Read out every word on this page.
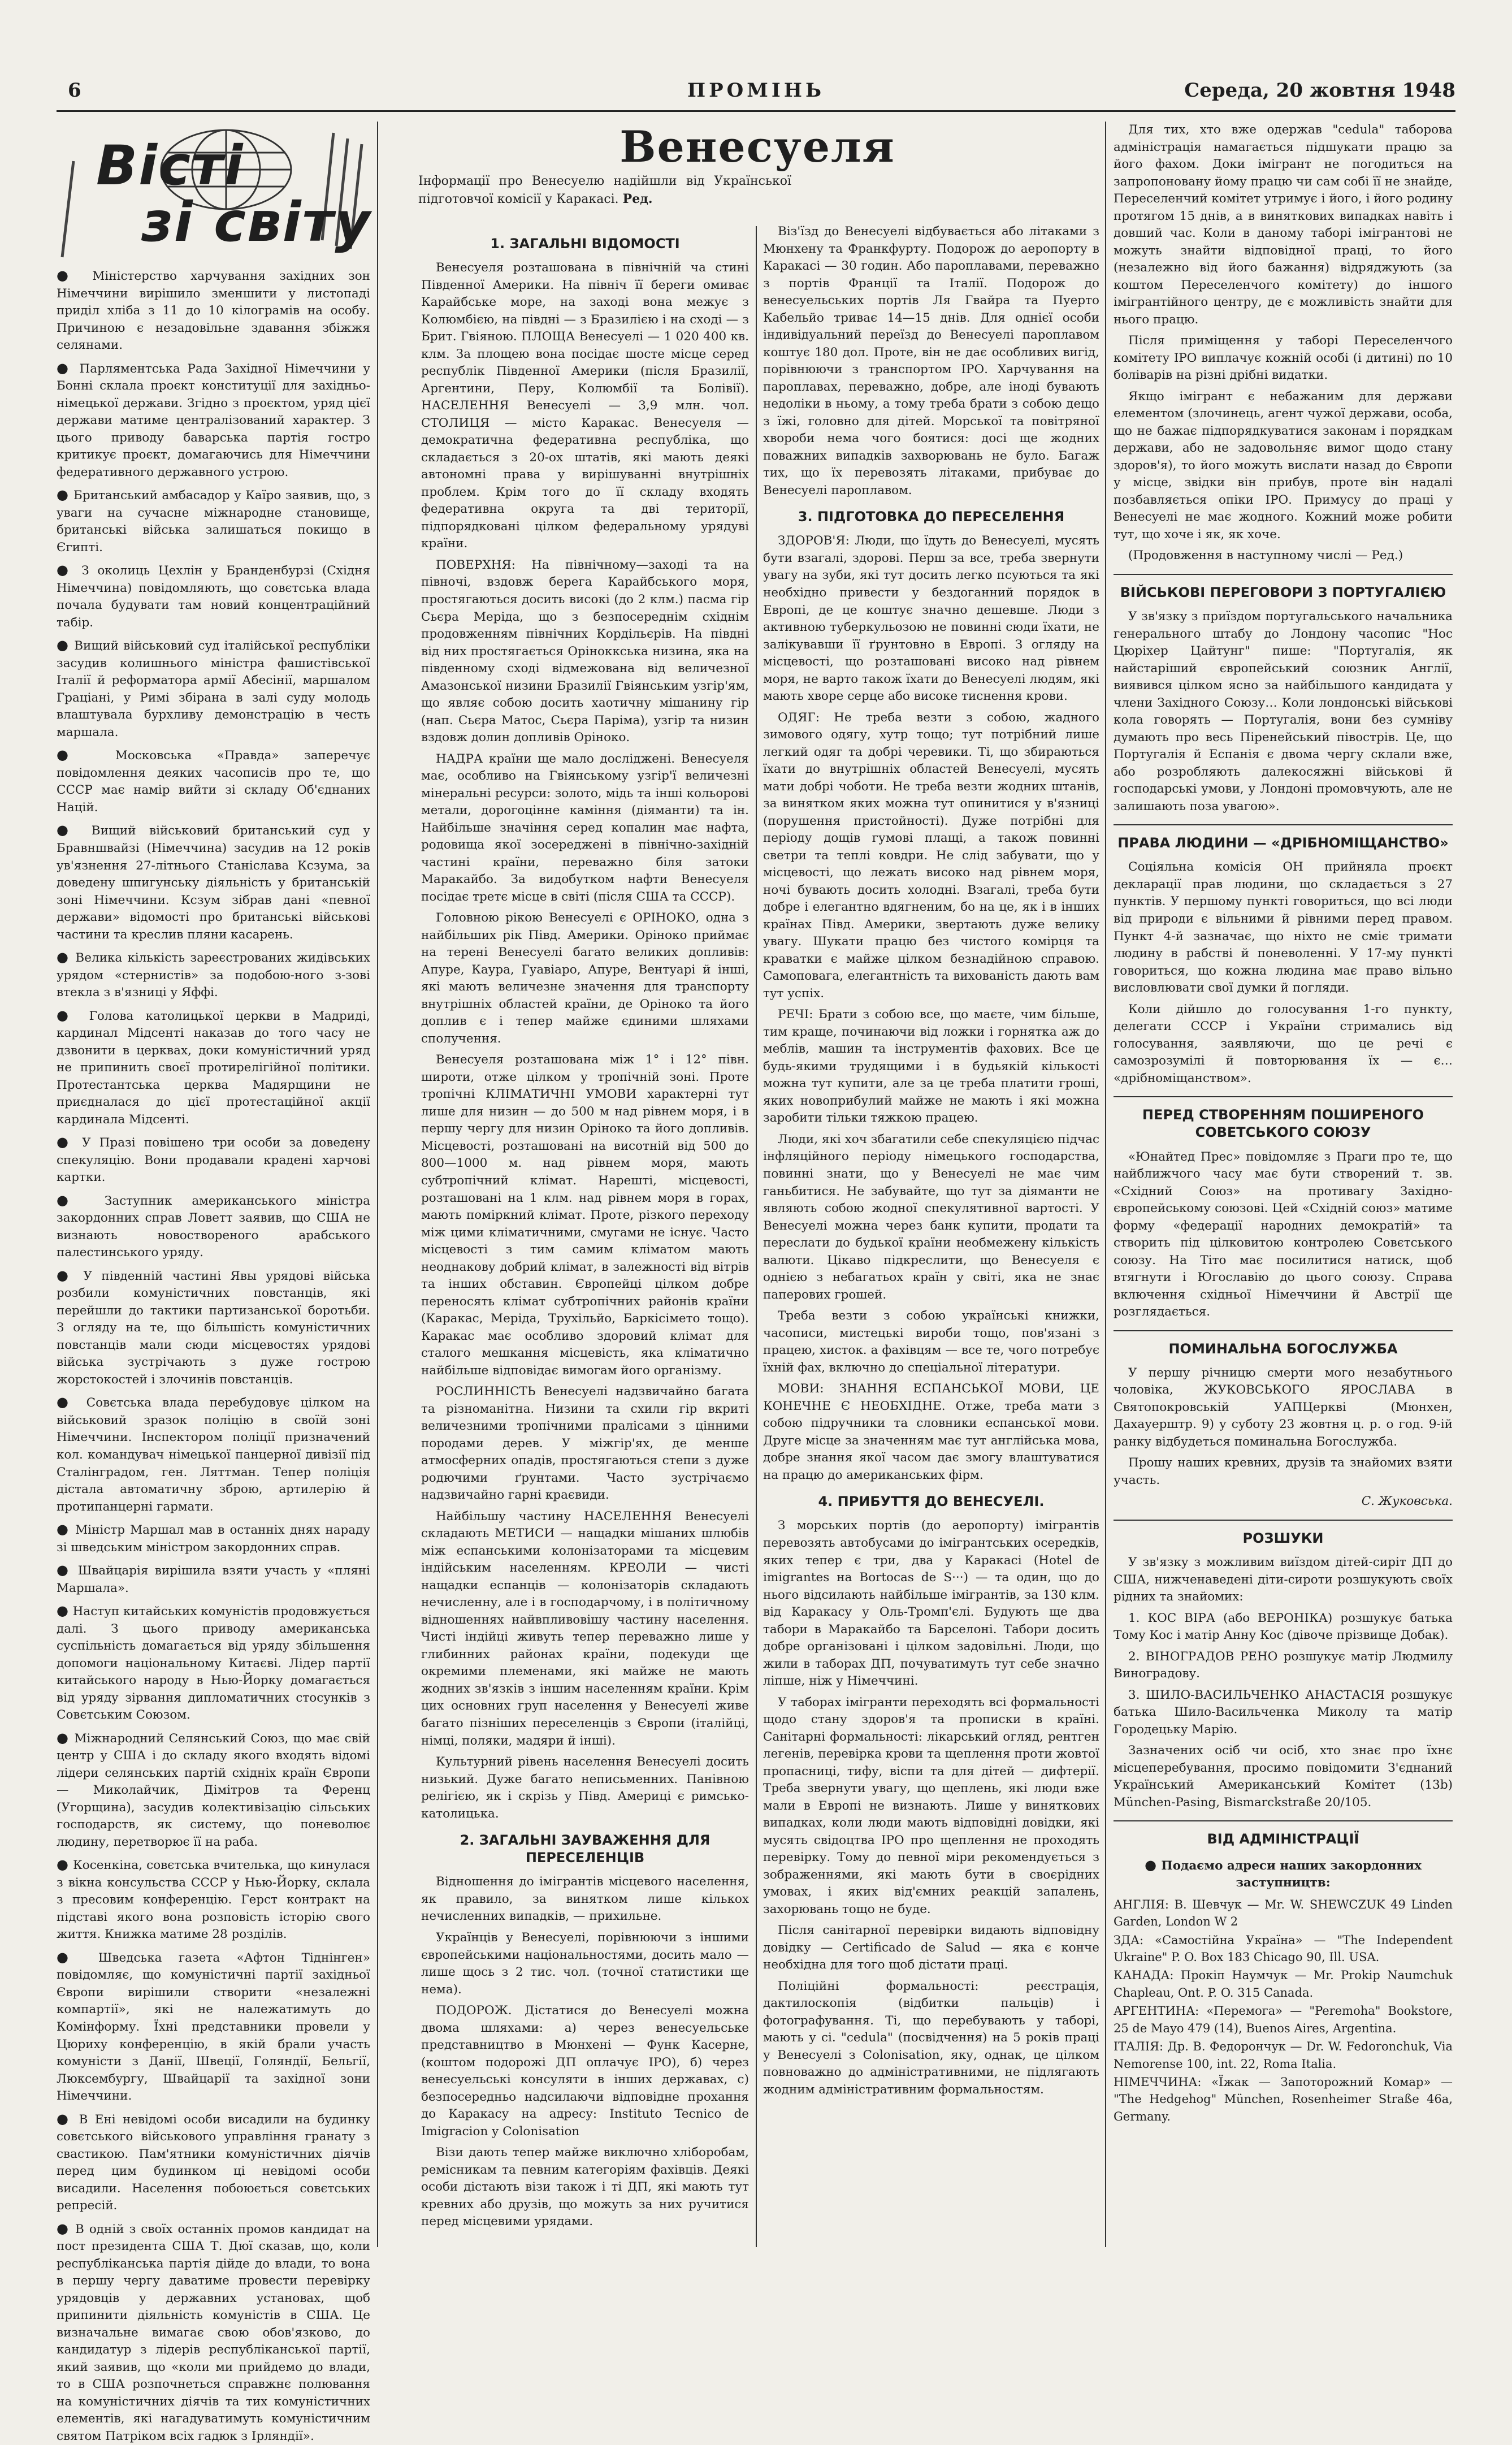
6	ПРОМІНЬ	Середа, 20 жовтня 1948
Вісті
зі світу
Венесуеля
Інформації про Венесуелю надійшли від Української підготовчої комісії у Каракасі. Ред.

● Міністерство харчування західних зон Німеччини вирішило зменшити у листопаді приділ хліба з 11 до 10 кілограмів на особу. Причиною є незадовільне здавання збіжжя селянами.

● Парляментська Рада Західної Німеччини у Бонні склала проєкт конституції для західньо-німецької держави. Згідно з проєктом, уряд цієї держави матиме централізований характер. З цього приводу баварська партія гостро критикує проєкт, домагаючись для Німеччини федеративного державного устрою.

● Британський амбасадор у Каїро заявив, що, з уваги на сучасне міжнародне становище, британські війська залишаться покищо в Єгипті.

● З околиць Цехлін у Бранденбурзі (Східня Німеччина) повідомляють, що совєтська влада почала будувати там новий концентраційний табір.

● Вищий військовий суд італійської республіки засудив колишнього міністра фашистівської Італії й реформатора армії Абесінії, маршалом Граціані, у Римі збірана в залі суду молодь влаштувала бурхливу демонстрацію в честь маршала.

● Московська «Правда» заперечує повідомлення деяких часописів про те, що СССР має намір вийти зі складу Об'єднаних Націй.

● Вищий військовий британський суд у Бравншвайзі (Німеччина) засудив на 12 років ув'язнення 27-літнього Станіслава Ксзума, за доведену шпигунську діяльність у британській зоні Німеччини. Ксзум зібрав дані «певної держави» відомості про британські військові частини та креслив пляни касарень.

● Велика кількість зареєстрованих жидівських урядом «стернистів» за подобою-ного з-зові втекла з в'язниці у Яффі.

● Голова католицької церкви в Мадриді, кардинал Мідсенті наказав до того часу не дзвонити в церквах, доки комуністичний уряд не припинить своєї протирелігійної політики. Протестантська церква Мадярщини не приєдналася до цієї протестаційної акції кардинала Мідсенті.

● У Празі повішено три особи за доведену спекуляцію. Вони продавали крадені харчові картки.

● Заступник американського міністра закордонних справ Ловетт заявив, що США не визнають новоствореного арабського палестинського уряду.

● У південній частині Явы урядові війська розбили комуністичних повстанців, які перейшли до тактики партизанської боротьби. З огляду на те, що більшість комуністичних повстанців мали сюди місцевостях урядові війська зустрічають з дуже гострою жорстокостей і злочинів повстанців.

● Совєтська влада перебудовує цілком на військовий зразок поліцію в своїй зоні Німеччини. Інспектором поліції призначений кол. командувач німецької панцерної дивізії під Сталінградом, ген. Ляттман. Тепер поліція дістала автоматичну зброю, артилерію й протипанцерні гармати.

● Міністр Маршал мав в останніх днях нараду зі шведським міністром закордонних справ.

● Швайцарія вирішила взяти участь у «пляні Маршала».

● Наступ китайських комуністів продовжується далі. З цього приводу американська суспільність домагається від уряду збільшення допомоги національному Китаєві. Лідер партії китайського народу в Нью-Йорку домагається від уряду зірвання дипломатичних стосунків з Совєтським Союзом.

● Міжнародний Селянський Союз, що має свій центр у США і до складу якого входять відомі лідери селянських партій східніх країн Європи — Миколайчик, Дімітров та Ференц (Угорщина), засудив колективізацію сільських господарств, як систему, що поневолює людину, перетворює її на раба.

● Косенкіна, совєтська вчителька, що кинулася з вікна консульства СССР у Нью-Йорку, склала з пресовим конференцію. Герст контракт на підставі якого вона розповість історію свого життя. Книжка матиме 28 розділів.

● Шведська газета «Афтон Тіднінген» повідомляє, що комуністичні партії західньої Європи вирішили створити «незалежні компартії», які не належатимуть до Комінформу. Їхні представники провели у Цюриху конференцію, в якій брали участь комуністи з Данії, Швеції, Голяндії, Бельгії, Люксембургу, Швайцарії та західної зони Німеччини.

● В Ені невідомі особи висадили на будинку совєтського військового управління гранату з свастикою. Пам'ятники комуністичних діячів перед цим будинком ці невідомі особи висадили. Населення побоюється совєтських репресій.

● В одній з своїх останніх промов кандидат на пост президента США Т. Дюї сказав, що, коли республіканська партія дійде до влади, то вона в першу чергу даватиме провести перевірку урядовців у державних установах, щоб припинити діяльність комуністів в США. Це визначальне вимагає свою обов'язково, до кандидатур з лідерів республіканської партії, який заявив, що «коли ми прийдемо до влади, то в США розпочнеться справжнє полювання на комуністичних діячів та тих комуністичних елементів, які нагадуватимуть комуністичним святом Патріком всіх гадюк з Ірляндії».

1. ЗАГАЛЬНІ ВІДОМОСТІ

Венесуеля розташована в північній ча стині Південної Америки. На північ її береги омиває Карайбське море, на заході вона межує з Колюмбією, на півдні — з Бразилією і на сході — з Брит. Гвіяною. ПЛОЩА Венесуелі — 1 020 400 кв. клм. За площею вона посідає шосте місце серед республік Південної Америки (після Бразилії, Аргентини, Перу, Колюмбії та Болівії). НАСЕЛЕННЯ Венесуелі — 3,9 млн. чол. СТОЛИЦЯ — місто Каракас. Венесуеля — демократична федеративна республіка, що складається з 20-ох штатів, які мають деякі автономні права у вирішуванні внутрішніх проблем. Крім того до її складу входять федеративна округа та дві території, підпорядковані цілком федеральному урядуві країни.

ПОВЕРХНЯ: На північному—заході та на півночі, вздовж берега Карайбського моря, простягаються досить високі (до 2 клм.) пасма гір Сьєра Меріда, що з безпосереднім східнім продовженням північних Кордільєрів. На півдні від них простягається Оріноккська низина, яка на південному сході відмежована від величезної Амазонської низини Бразилії Гвіянським узгір'ям, що являє собою досить хаотичну мішанину гір (нап. Сьєра Матос, Сьєра Паріма), узгір та низин вздовж долин допливів Оріноко.

НАДРА країни ще мало досліджені. Венесуеля має, особливо на Гвіянському узгір'ї величезні мінеральні ресурси: золото, мідь та інші кольорові метали, дорогоцінне каміння (діяманти) та ін. Найбільше значіння серед копалин має нафта, родовища якої зосереджені в північно-західній частині країни, переважно біля затоки Маракайбо. За видобутком нафти Венесуеля посідає третє місце в світі (після США та СССР).

Головною рікою Венесуелі є ОРІНОКО, одна з найбільших рік Півд. Америки. Оріноко приймає на терені Венесуелі багато великих допливів: Апуре, Каура, Гуавіаро, Апуре, Вентуарі й інші, які мають величезне значення для транспорту внутрішніх областей країни, де Оріноко та його доплив є і тепер майже єдиними шляхами сполучення.

Венесуеля розташована між 1° і 12° півн. широти, отже цілком у тропічній зоні. Проте тропічні КЛІМАТИЧНІ УМОВИ характерні тут лише для низин — до 500 м над рівнем моря, і в першу чергу для низин Оріноко та його допливів. Місцевості, розташовані на висотній від 500 до 800—1000 м. над рівнем моря, мають субтропічний клімат. Нарешті, місцевості, розташовані на 1 клм. над рівнем моря в горах, мають поміркний клімат. Проте, різкого переходу між цими кліматичними, смугами не існує. Часто місцевості з тим самим кліматом мають неоднакову добрий клімат, в залежності від вітрів та інших обставин. Європейці цілком добре переносять клімат субтропічних районів країни (Каракас, Меріда, Трухільйо, Баркісімето тощо). Каракас має особливо здоровий клімат для сталого мешкання місцевість, яка кліматично найбільше відповідає вимогам його організму.

РОСЛИННІСТЬ Венесуелі надзвичайно багата та різноманітна. Низини та схили гір вкриті величезними тропічними пралісами з цінними породами дерев. У міжгір'ях, де менше атмосферних опадів, простягаються степи з дуже родючими ґрунтами. Часто зустрічаємо надзвичайно гарні краєвиди.

Найбільшу частину НАСЕЛЕННЯ Венесуелі складають МЕТИСИ — нащадки мішаних шлюбів між еспанськими колонізаторами та місцевим індійським населенням. КРЕОЛИ — чисті нащадки еспанців — колонізаторів складають нечисленну, але і в господарчому, і в політичному відношеннях найвпливовішу частину населення. Чисті індійці живуть тепер переважно лише у глибинних районах країни, подекуди ще окремими племенами, які майже не мають жодних зв'язків з іншим населенням країни. Крім цих основних груп населення у Венесуелі живе багато пізніших переселенців з Європи (італійці, німці, поляки, мадяри й інші).

Культурний рівень населення Венесуелі досить низький. Дуже багато неписьменних. Панівною релігією, як і скрізь у Півд. Америці є римсько-католицька.

2. ЗАГАЛЬНІ ЗАУВАЖЕННЯ ДЛЯ ПЕРЕСЕЛЕНЦІВ

Відношення до імігрантів місцевого населення, як правило, за винятком лише кількох нечисленних випадків, — прихильне.

Українців у Венесуелі, порівнюючи з іншими європейськими національностями, досить мало — лише щось з 2 тис. чол. (точної статистики ще нема).

ПОДОРОЖ. Дістатися до Венесуелі можна двома шляхами: а) через венесуельське представництво в Мюнхені — Функ Касерне, (коштом подорожі ДП оплачує ІРО), б) через венесуельські консуляти в інших державах, с) безпосередньо надсилаючи відповідне прохання до Каракасу на адресу: Instituto Tecnico de Imigracion y Colonisation

Візи дають тепер майже виключно хліборобам, ремісникам та певним категоріям фахівців. Деякі особи дістають візи також і ті ДП, які мають тут кревних або друзів, що можуть за них ручитися перед місцевими урядами.

Віз'їзд до Венесуелі відбувається або літаками з Мюнхену та Франкфурту. Подорож до аеропорту в Каракасі — 30 годин. Або пароплавами, переважно з портів Франції та Італії. Подорож до венесуельських портів Ля Гвайра та Пуерто Кабельйо триває 14—15 днів. Для однієї особи індивідуальний переїзд до Венесуелі пароплавом коштує 180 дол. Проте, він не дає особливих вигід, порівнюючи з транспортом ІРО. Харчування на пароплавах, переважно, добре, але іноді бувають недоліки в ньому, а тому треба брати з собою дещо з їжі, головно для дітей. Морської та повітряної хвороби нема чого боятися: досі ще жодних поважних випадків захворювань не було. Багаж тих, що їх перевозять літаками, прибуває до Венесуелі пароплавом.

3. ПІДГОТОВКА ДО ПЕРЕСЕЛЕННЯ

ЗДОРОВ'Я: Люди, що їдуть до Венесуелі, мусять бути взагалі, здорові. Перш за все, треба звернути увагу на зуби, які тут досить легко псуються та які необхідно привести у бездоганний порядок в Европі, де це коштує значно дешевше. Люди з активною туберкульозою не повинні сюди їхати, не залікувавши її ґрунтовно в Европі. З огляду на місцевості, що розташовані високо над рівнем моря, не варто також їхати до Венесуелі людям, які мають хворе серце або високе тиснення крови.

ОДЯГ: Не треба везти з собою, жадного зимового одягу, хутр тощо; тут потрібний лише легкий одяг та добрі черевики. Ті, що збираються їхати до внутрішніх областей Венесуелі, мусять мати добрі чоботи. Не треба везти жодних штанів, за винятком яких можна тут опинитися у в'язниці (порушення пристойності). Дуже потрібні для періоду дощів гумові плащі, а також повинні светри та теплі ковдри. Не слід забувати, що у місцевості, що лежать високо над рівнем моря, ночі бувають досить холодні. Взагалі, треба бути добре і елегантно вдягненим, бо на це, як і в інших країнах Півд. Америки, звертають дуже велику увагу. Шукати працю без чистого комірця та краватки є майже цілком безнадійною справою. Самоповага, елегантність та вихованість дають вам тут успіх.

РЕЧІ: Брати з собою все, що маєте, чим більше, тим краще, починаючи від ложки і горнятка аж до меблів, машин та інструментів фахових. Все це будь-якими трудящими і в будьякій кількості можна тут купити, але за це треба платити гроші, яких новоприбулий майже не мають і які можна заробити тільки тяжкою працею.

Люди, які хоч збагатили себе спекуляцією підчас інфляційного періоду німецького господарства, повинні знати, що у Венесуелі не має чим ганьбитися. Не забувайте, що тут за діяманти не являють собою жодної спекулятивної вартості. У Венесуелі можна через банк купити, продати та переслати до будької країни необмежену кількість валюти. Цікаво підкреслити, що Венесуеля є однією з небагатьох країн у світі, яка не знає паперових грошей.

Треба везти з собою українські книжки, часописи, мистецькі вироби тощо, пов'язані з працею, хисток. а фахівцям — все те, чого потребує їхній фах, включно до спеціальної літератури.

МОВИ: ЗНАННЯ ЕСПАНСЬКОЇ МОВИ, ЦЕ КОНЕЧНЕ Є НЕОБХІДНЕ. Отже, треба мати з собою підручники та словники еспанської мови. Друге місце за значенням має тут англійська мова, добре знання якої часом дає змогу влаштуватися на працю до американських фірм.

4. ПРИБУТТЯ ДО ВЕНЕСУЕЛІ.

З морських портів (до аеропорту) імігрантів перевозять автобусами до імігрантських осередків, яких тепер є три, два у Каракасі (Hotel de imigrantes на Bortocas de S···) — та один, що до нього відсилають найбільше імігрантів, за 130 клм. від Каракасу у Оль-Тромп'єлі. Будують ще два табори в Маракайбо та Барселоні. Табори досить добре організовані і цілком задовільні. Люди, що жили в таборах ДП, почуватимуть тут себе значно ліпше, ніж у Німеччині.

У таборах імігранти переходять всі формальності щодо стану здоров'я та прописки в країні. Санітарні формальності: лікарський огляд, рентген легенів, перевірка крови та щеплення проти жовтої пропасниці, тифу, віспи та для дітей — дифтерії. Треба звернути увагу, що щеплень, які люди вже мали в Европі не визнають. Лише у виняткових випадках, коли люди мають відповідні довідки, які мусять свідоцтва ІРО про щеплення не проходять перевірку. Тому до певної міри рекомендується з зображеннями, які мають бути в своєрідних умовах, і яких від'ємних реакцій запалень, захорювань тощо не буде.

Після санітарної перевірки видають відповідну довідку — Certificado de Salud — яка є конче необхідна для того щоб дістати праці.

Поліційні формальності: реєстрація, дактилоскопія (відбитки пальців) і фотографування. Ті, що перебувають у таборі, мають у сі. "cedula" (посвідчення) на 5 років праці у Венесуелі з Colonisation, яку, однак, це цілком повноважно до адміністративними, не підлягають жодним адміністративним формальностям.

Для тих, хто вже одержав "cedula" таборова адміністрація намагається підшукати працю за його фахом. Доки імігрант не погодиться на запропоновану йому працю чи сам собі її не знайде, Переселенчий комітет утримує і його, і його родину протягом 15 днів, а в виняткових випадках навіть і довший час. Коли в даному таборі імігрантові не можуть знайти відповідної праці, то його (незалежно від його бажання) відряджують (за коштом Переселенчого комітету) до іншого імігрантійного центру, де є можливість знайти для нього працю.

Після приміщення у таборі Переселенчого комітету ІРО виплачує кожній особі (і дитині) по 10 боліварів на різні дрібні видатки.

Якщо імігрант є небажаним для держави елементом (злочинець, агент чужої держави, особа, що не бажає підпорядкуватися законам і порядкам держави, або не задовольняє вимог щодо стану здоров'я), то його можуть вислати назад до Європи у місце, звідки він прибув, проте він надалі позбавляється опіки ІРО. Примусу до праці у Венесуелі не має жодного. Кожний може робити тут, що хоче і як, як хоче.

(Продовження в наступному числі — Ред.)

ВІЙСЬКОВІ ПЕРЕГОВОРИ З ПОРТУГАЛІЄЮ

У зв'язку з приїздом португальського начальника генерального штабу до Лондону часопис "Нос Цюріхер Цайтунг" пише: "Португалія, як найстаріший європейський союзник Англії, виявився цілком ясно за найбільшого кандидата у члени Західного Союзу… Коли лондонські військові кола говорять — Португалія, вони без сумніву думають про весь Піренейський півострів. Це, що Португалія й Еспанія є двома чергу склали вже, або розробляють далекосяжні військові й господарські умови, у Лондоні промовчують, але не залишають поза увагою».

ПРАВА ЛЮДИНИ — «ДРІБНОМІЩАНСТВО»

Соціяльна комісія ОН прийняла проєкт декларації прав людини, що складається з 27 пунктів. У першому пункті говориться, що всі люди від природи є вільними й рівними перед правом. Пункт 4-й зазначає, що ніхто не сміє тримати людину в рабстві й поневоленні. У 17-му пункті говориться, що кожна людина має право вільно висловлювати свої думки й погляди.

Коли дійшло до голосування 1-го пункту, делегати СССР і України стримались від голосування, заявляючи, що це речі є самозрозумілі й повторювання їх — є… «дрібноміщанством».

ПЕРЕД СТВОРЕННЯМ ПОШИРЕНОГО СОВЕТСЬКОГО СОЮЗУ

«Юнайтед Прес» повідомляє з Праги про те, що найближчого часу має бути створений т. зв. «Східний Союз» на противагу Західно-європейському союзові. Цей «Східній союз» матиме форму «федерації народних демократій» та створить під цілковитою контролею Совєтського союзу. На Тіто має посилитися натиск, щоб втягнути і Югославію до цього союзу. Справа включення східньої Німеччини й Австрії ще розглядається.

ПОМИНАЛЬНА БОГОСЛУЖБА

У першу річницю смерти мого незабутнього чоловіка, ЖУКОВСЬКОГО ЯРОСЛАВА в Святопокровській УАПЦеркві (Мюнхен, Дахауерштр. 9) у суботу 23 жовтня ц. р. о год. 9-ій ранку відбудеться поминальна Богослужба.

Прошу наших кревних, друзів та знайомих взяти участь.

С. Жуковська.
РОЗШУКИ

У зв'язку з можливим виїздом дітей-сиріт ДП до США, нижченаведені діти-сироти розшукують своїх рідних та знайомих:

1. КОС ВІРА (або ВЕРОНІКА) розшукує батька Тому Кос і матір Анну Кос (дівоче прізвище Добак).

2. ВІНОГРАДОВ РЕНО розшукує матір Людмилу Виноградову.

3. ШИЛО-ВАСИЛЬЧЕНКО АНАСТАСІЯ розшукує батька Шило-Васильченка Миколу та матір Городецьку Марію.

Зазначених осіб чи осіб, хто знає про їхнє місцеперебування, просимо повідомити З'єднаний Український Американський Комітет (13b) München-Pasing, Bismarckstraße 20/105.

ВІД АДМІНІСТРАЦІЇ

● Подаємо адреси наших закордонних заступництв:

АНГЛІЯ: В. Шевчук — Mr. W. SHEWCZUK 49 Linden Garden, London W 2

ЗДА: «Самостійна Україна» — "The Independent Ukraine" P. O. Box 183 Chicago 90, Ill. USA.

КАНАДА: Прокіп Наумчук — Mr. Prokip Naumchuk Chapleau, Ont. P. O. 315 Canada.

АРГЕНТИНА: «Перемога» — "Peremoha" Bookstore, 25 de Mayo 479 (14), Buenos Aires, Argentina.

ІТАЛІЯ: Др. В. Федорончук — Dr. W. Fedoronchuk, Via Nemorense 100, int. 22, Roma Italia.

НІМЕЧЧИНА: «Їжак — Запоторожний Комар» — "The Hedgehog" München, Rosenheimer Straße 46a, Germany.
